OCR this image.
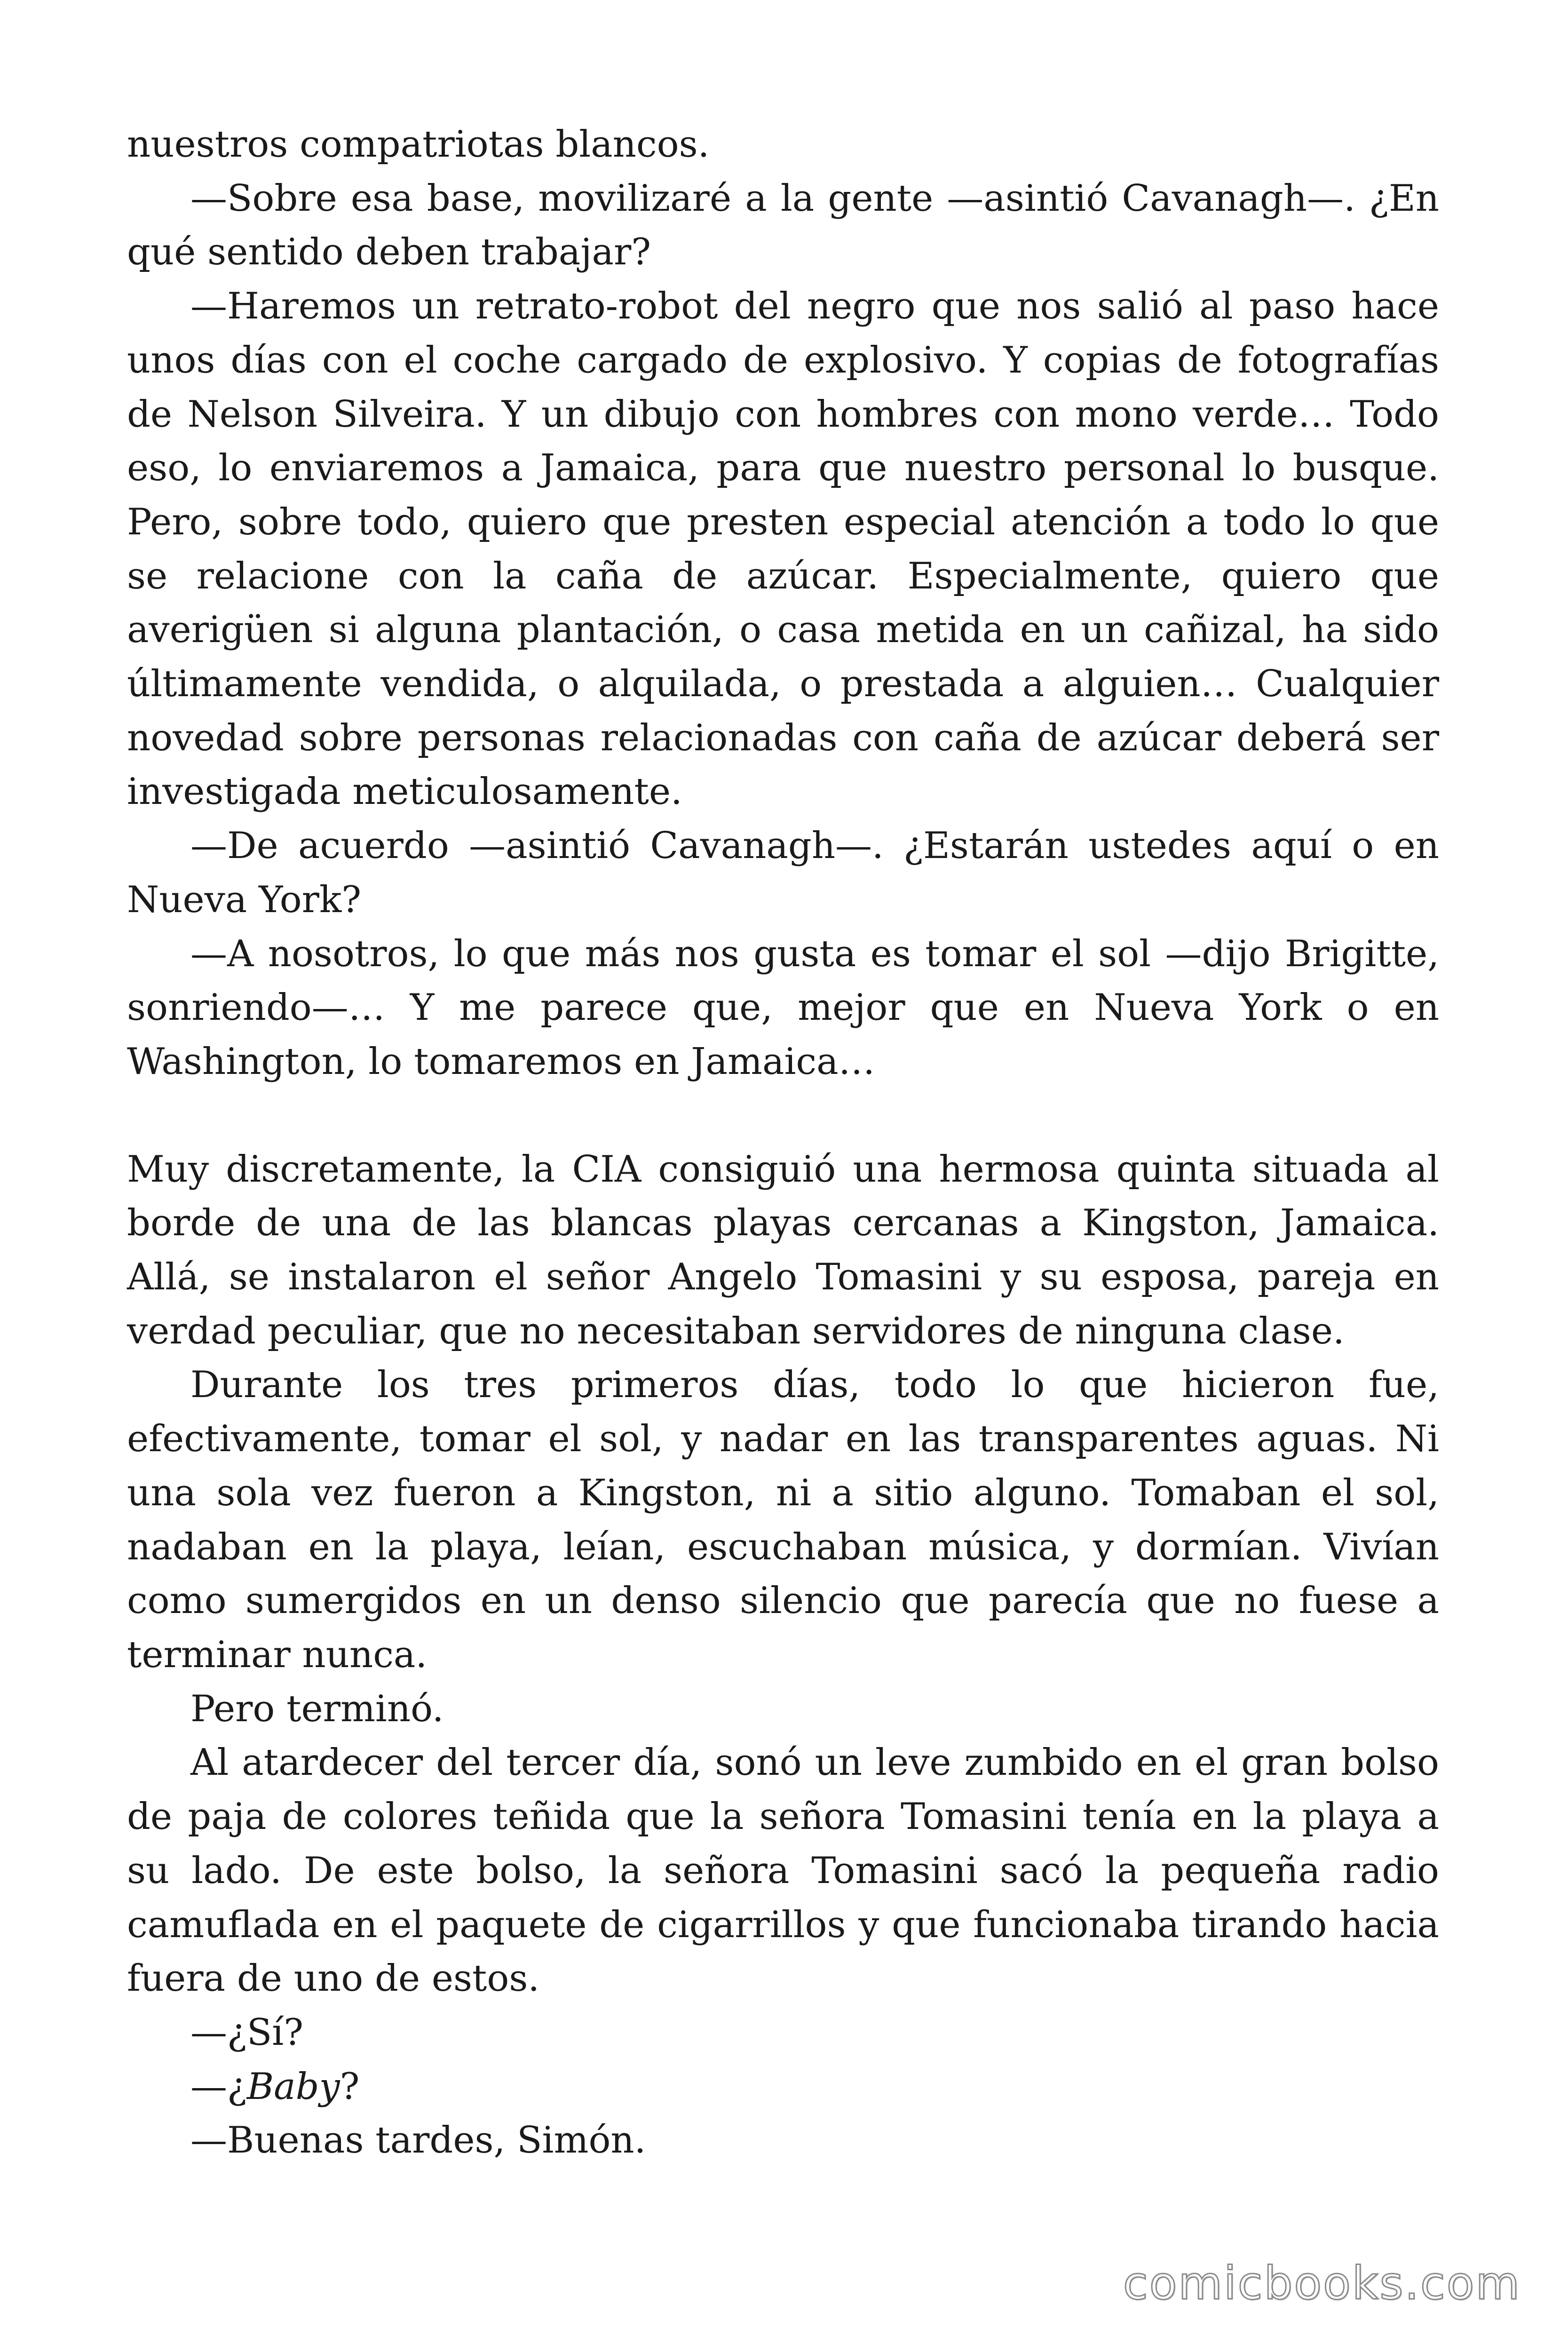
nuestros compatriotas blancos.

—Sobre esa base, movilizaré a la gente —asintió Cavanagh—. ¿En qué sentido deben trabajar?

—Haremos un retrato-robot del negro que nos salió al paso hace unos días con el coche cargado de explosivo. Y copias de fotografías de Nelson Silveira. Y un dibujo con hombres con mono verde… Todo eso, lo enviaremos a Jamaica, para que nuestro personal lo busque. Pero, sobre todo, quiero que presten especial atención a todo lo que se relacione con la caña de azúcar. Especialmente, quiero que averigüen si alguna plantación, o casa metida en un cañizal, ha sido últimamente vendida, o alquilada, o prestada a alguien… Cualquier novedad sobre personas relacionadas con caña de azúcar deberá ser investigada meticulosamente.

—De acuerdo —asintió Cavanagh—. ¿Estarán ustedes aquí o en Nueva York?

—A nosotros, lo que más nos gusta es tomar el sol —dijo Brigitte, sonriendo—… Y me parece que, mejor que en Nueva York o en Washington, lo tomaremos en Jamaica…

Muy discretamente, la CIA consiguió una hermosa quinta situada al borde de una de las blancas playas cercanas a Kingston, Jamaica. Allá, se instalaron el señor Angelo Tomasini y su esposa, pareja en verdad peculiar, que no necesitaban servidores de ninguna clase.

Durante los tres primeros días, todo lo que hicieron fue, efectivamente, tomar el sol, y nadar en las transparentes aguas. Ni una sola vez fueron a Kingston, ni a sitio alguno. Tomaban el sol, nadaban en la playa, leían, escuchaban música, y dormían. Vivían como sumergidos en un denso silencio que parecía que no fuese a terminar nunca.

Pero terminó.

Al atardecer del tercer día, sonó un leve zumbido en el gran bolso de paja de colores teñida que la señora Tomasini tenía en la playa a su lado. De este bolso, la señora Tomasini sacó la pequeña radio camuflada en el paquete de cigarrillos y que funcionaba tirando hacia fuera de uno de estos.

—¿Sí?

—¿Baby?

—Buenas tardes, Simón.

comicbooks.com
